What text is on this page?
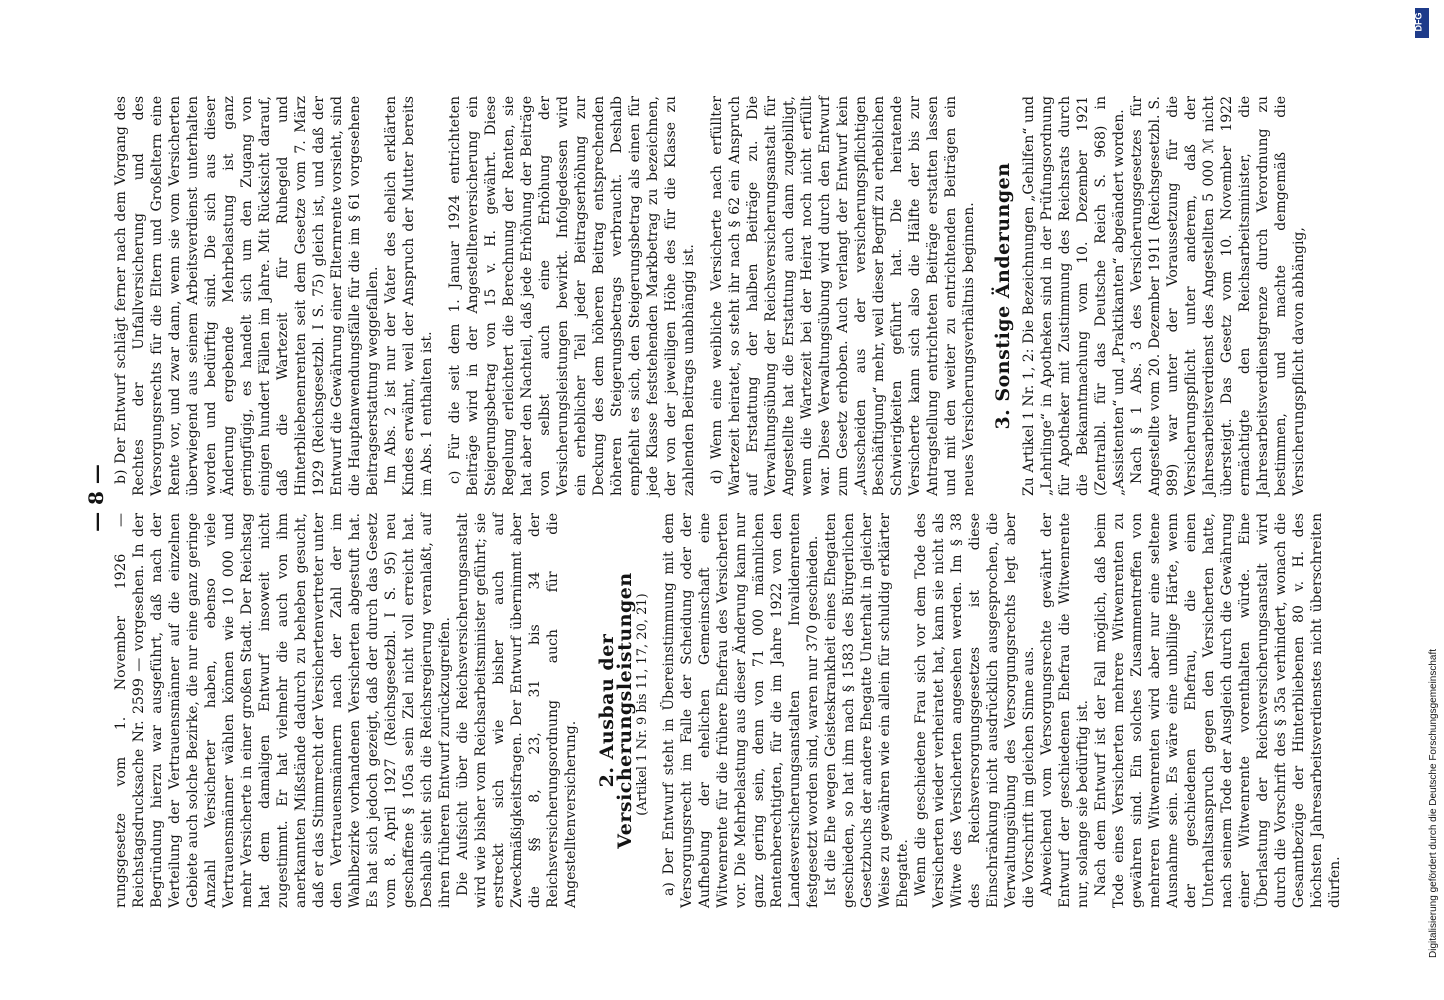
— 8 —

rungsgesetze vom 1. November 1926 — Reichstagsdrucksache Nr. 2599 — vorgesehen. In der Begründung hierzu war ausgeführt, daß nach der Verteilung der Vertrauensmänner auf die einzelnen Gebiete auch solche Bezirke, die nur eine ganz geringe Anzahl Versicherter haben, ebenso viele Vertrauensmänner wählen können wie 10 000 und mehr Versicherte in einer großen Stadt. Der Reichstag hat dem damaligen Entwurf insoweit nicht zugestimmt. Er hat vielmehr die auch von ihm anerkannten Mißstände dadurch zu beheben gesucht, daß er das Stimmrecht der Versichertenvertreter unter den Vertrauensmännern nach der Zahl der im Wahlbezirke vorhandenen Versicherten abgestuft hat. Es hat sich jedoch gezeigt, daß der durch das Gesetz vom 8. April 1927 (Reichsgesetzbl. I S. 95) neu geschaffene § 105a sein Ziel nicht voll erreicht hat. Deshalb sieht sich die Reichsregierung veranlaßt, auf ihren früheren Entwurf zurückzugreifen. Die Aufsicht über die Reichsversicherungsanstalt wird wie bisher vom Reichsarbeitsminister geführt; sie erstreckt sich wie bisher auch auf Zweckmäßigkeitsfragen. Der Entwurf übernimmt aber die §§ 8, 23, 31 bis 34 der Reichsversicherungsordnung auch für die Angestelltenversicherung.

2. Ausbau der Versicherungsleistungen (Artikel 1 Nr. 9 bis 11, 17, 20, 21) a) Der Entwurf steht in Übereinstimmung mit dem Versorgungsrecht im Falle der Scheidung oder der Aufhebung der ehelichen Gemeinschaft eine Witwenrente für die frühere Ehefrau des Versicherten vor. Die Mehrbelastung aus dieser Änderung kann nur ganz gering sein, denn von 71 000 männlichen Rentenberechtigten, für die im Jahre 1922 von den Landesversicherungsanstalten Invalidenrenten festgesetzt worden sind, waren nur 370 geschieden. Ist die Ehe wegen Geisteskrankheit eines Ehegatten geschieden, so hat ihm nach § 1583 des Bürgerlichen Gesetzbuchs der andere Ehegatte Unterhalt in gleicher Weise zu gewähren wie ein allein für schuldig erklärter Ehegatte. Wenn die geschiedene Frau sich vor dem Tode des Versicherten wieder verheiratet hat, kann sie nicht als Witwe des Versicherten angesehen werden. Im § 38 des Reichsversorgungsgesetzes ist diese Einschränkung nicht ausdrücklich ausgesprochen, die Verwaltungsübung des Versorgungsrechts legt aber die Vorschrift im gleichen Sinne aus. Abweichend vom Versorgungsrechte gewährt der Entwurf der geschiedenen Ehefrau die Witwenrente nur, solange sie bedürftig ist. Nach dem Entwurf ist der Fall möglich, daß beim Tode eines Versicherten mehrere Witwenrenten zu gewähren sind. Ein solches Zusammentreffen von mehreren Witwenrenten wird aber nur eine seltene Ausnahme sein. Es wäre eine unbillige Härte, wenn der geschiedenen Ehefrau, die einen Unterhaltsanspruch gegen den Versicherten hatte, nach seinem Tode der Ausgleich durch die Gewährung einer Witwenrente vorenthalten würde. Eine Überlastung der Reichsversicherungsanstalt wird durch die Vorschrift des § 35a verhindert, wonach die Gesamtbezüge der Hinterbliebenen 80 v. H. des höchsten Jahresarbeitsverdienstes nicht überschreiten dürfen.

b) Der Entwurf schlägt ferner nach dem Vorgang des Rechtes der Unfallversicherung und des Versorgungsrechts für die Eltern und Großeltern eine Rente vor, und zwar dann, wenn sie vom Versicherten überwiegend aus seinem Arbeitsverdienst unterhalten worden und bedürftig sind. Die sich aus dieser Änderung ergebende Mehrbelastung ist ganz geringfügig, es handelt sich um den Zugang von einigen hundert Fällen im Jahre. Mit Rücksicht darauf, daß die Wartezeit für Ruhegeld und Hinterbliebenenrenten seit dem Gesetze vom 7. März 1929 (Reichsgesetzbl. I S. 75) gleich ist, und daß der Entwurf die Gewährung einer Elternrente vorsieht, sind die Hauptanwendungsfälle für die im § 61 vorgesehene Beitragserstattung weggefallen. Im Abs. 2 ist nur der Vater des ehelich erklärten Kindes erwähnt, weil der Anspruch der Mutter bereits im Abs. 1 enthalten ist. c) Für die seit dem 1. Januar 1924 entrichteten Beiträge wird in der Angestelltenversicherung ein Steigerungsbetrag von 15 v. H. gewährt. Diese Regelung erleichtert die Berechnung der Renten, sie hat aber den Nachteil, daß jede Erhöhung der Beiträge von selbst auch eine Erhöhung der Versicherungsleistungen bewirkt. Infolgedessen wird ein erheblicher Teil jeder Beitragserhöhung zur Deckung des dem höheren Beitrag entsprechenden höheren Steigerungsbetrags verbraucht. Deshalb empfiehlt es sich, den Steigerungsbetrag als einen für jede Klasse feststehenden Markbetrag zu bezeichnen, der von der jeweiligen Höhe des für die Klasse zu zahlenden Beitrags unabhängig ist. d) Wenn eine weibliche Versicherte nach erfüllter Wartezeit heiratet, so steht ihr nach § 62 ein Anspruch auf Erstattung der halben Beiträge zu. Die Verwaltungsübung der Reichsversicherungsanstalt für Angestellte hat die Erstattung auch dann zugebilligt, wenn die Wartezeit bei der Heirat noch nicht erfüllt war. Diese Verwaltungsübung wird durch den Entwurf zum Gesetz erhoben. Auch verlangt der Entwurf kein „Ausscheiden aus der versicherungspflichtigen Beschäftigung“ mehr, weil dieser Begriff zu erheblichen Schwierigkeiten geführt hat. Die heiratende Versicherte kann sich also die Hälfte der bis zur Antragstellung entrichteten Beiträge erstatten lassen und mit den weiter zu entrichtenden Beiträgen ein neues Versicherungsverhältnis beginnen. 3. Sonstige Änderungen Zu Artikel 1 Nr. 1, 2: Die Bezeichnungen „Gehilfen“ und „Lehrlinge“ in Apotheken sind in der Prüfungsordnung für Apotheker mit Zustimmung des Reichsrats durch die Bekanntmachung vom 10. Dezember 1921 (Zentralbl. für das Deutsche Reich S. 968) in „Assistenten“ und „Praktikanten“ abgeändert worden. Nach § 1 Abs. 3 des Versicherungsgesetzes für Angestellte vom 20. Dezember 1911 (Reichsgesetzbl. S. 989) war unter der Voraussetzung für die Versicherungspflicht unter anderem, daß der Jahresarbeitsverdienst des Angestellten 5 000 ℳ nicht übersteigt. Das Gesetz vom 10. November 1922 ermächtigte den Reichsarbeitsminister, die Jahresarbeitsverdienstgrenze durch Verordnung zu bestimmen, und machte demgemäß die Versicherungspflicht davon abhängig,

Digitalisierung gefördert durch die Deutsche Forschungsgemeinschaft
DFG
